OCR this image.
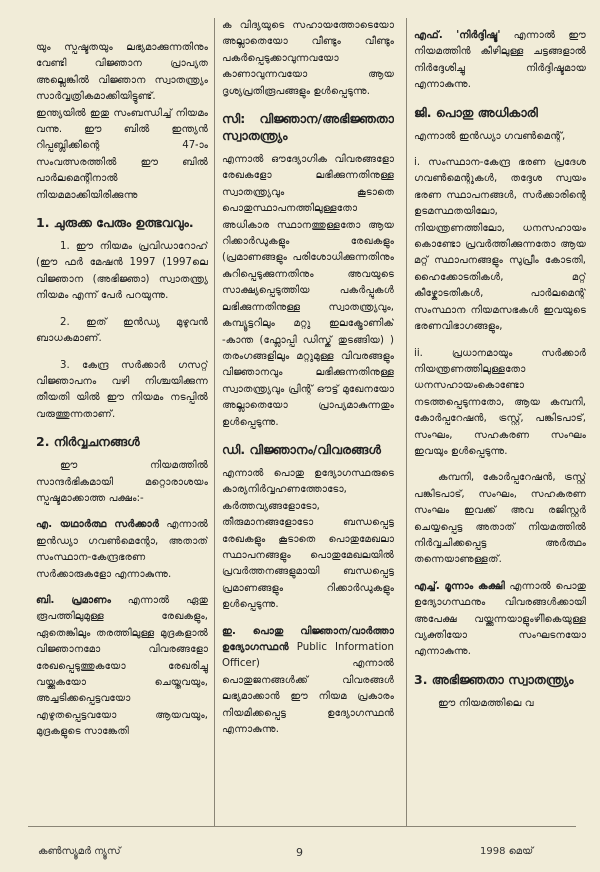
യും സ്പഷ്ടതയും ലഭ്യമാക്കുന്നതിനും വേണ്ടി വിജ്ഞാന പ്രാപ്യത അല്ലെങ്കിൽ വിജ്ഞാന സ്വാതന്ത്ര്യം സാർവ്വത്രികമാക്കിയിട്ടുണ്ട്. ഇന്ത്യയിൽ ഇതു സംബന്ധിച്ച് നിയമം വന്നു. ഈ ബിൽ ഇന്ത്യൻ റിപ്പബ്ലിക്കിന്റെ 47-ാം സംവത്സരത്തിൽ ഈ ബിൽ പാർലമെന്റിനാൽ നിയമമാക്കിയിരിക്കുന്നു

1. ചുരുക്ക പേരും ഉത്ഭവവും.

1. ഈ നിയമം പ്രവിഡാറോഹ് (ഈ ഫർ മേഷൻ 1997 (1997ലെ വിജ്ഞാന (അഭിജ്ഞാ) സ്വാതന്ത്ര്യ നിയമം എന്ന് പേർ പറയുന്നു.

2. ഇത് ഇൻഡ്യ മുഴുവൻ ബാധകമാണ്.

3. കേന്ദ്ര സർക്കാർ ഗസറ്റ് വിജ്ഞാപനം വഴി നിശ്ചയിക്കുന്ന തീയതി യിൽ ഈ നിയമം നടപ്പിൽ വരുത്തുന്നതാണ്.

2. നിർവ്വചനങ്ങൾ

ഈ നിയമത്തിൽ സാന്ദർഭികമായി മറ്റൊരാശയം സ്പഷ്ടമാക്കാത്ത പക്ഷം:-

എ. യഥാർത്ഥ സർക്കാർ എന്നാൽ ഇൻഡ്യാ ഗവൺമെന്റോ, അതാത് സംസ്ഥാന-കേന്ദ്രഭരണ സർക്കാരുകളോ എന്നാകുന്നു.

ബി. പ്രമാണം എന്നാൽ ഏതു രൂപത്തിലുമുള്ള രേഖകളും, ഏതെങ്കിലും തരത്തിലുള്ള മുദ്രകളാൽ വിജ്ഞാനമോ വിവരങ്ങളോ രേഖപ്പെടുത്തുകയോ രേഖരിച്ചു വയ്ക്കുകയോ ചെയ്തവയും, അച്ചടിക്കപ്പെട്ടവയോ എഴുതപ്പെട്ടവയോ ആയവയും, മുദ്രകളുടെ സാങ്കേതി

ക വിദ്യയുടെ സഹായത്തോടെയോ അല്ലാതെയോ വീണ്ടും വീണ്ടും പകർപ്പെടുക്കാവുന്നവയോ കാണാവുന്നവയോ ആയ ദൃശ്യപ്രതിരൂപങ്ങളും ഉൾപ്പെടുന്നു.

സി: വിജ്ഞാന/അഭിജ്ഞതാ സ്വാതന്ത്ര്യം

എന്നാൽ ഔദ്യോഗിക വിവരങ്ങളോ രേഖകളോ ലഭിക്കുന്നതിനുള്ള സ്വാതന്ത്ര്യവും കൂടാതെ പൊതുസ്ഥാപനത്തിലുള്ളതോ അധികാര സ്ഥാനത്തുള്ളതോ ആയ റിക്കാർഡുകളും രേഖകളും (പ്രമാണങ്ങളും പരിശോധിക്കുന്നതിനും കുറിപ്പെടുക്കുന്നതിനും അവയുടെ സാക്ഷ്യപ്പെടുത്തിയ പകർപ്പുകൾ ലഭിക്കുന്നതിനുള്ള സ്വാതന്ത്ര്യവും, കമ്പ്യൂട്ടറിലും മറ്റു ഇലക്ട്രോണിക് -കാന്ത (ഫ്ലോപ്പി ഡിസ്ക് തുടങ്ങിയ) ) തരംഗങ്ങളിലും മറ്റുമുള്ള വിവരങ്ങളും വിജ്ഞാനവും ലഭിക്കുന്നതിനുള്ള സ്വാതന്ത്ര്യവും പ്രിന്റ് ഔട്ട് മുഖേനയോ അല്ലാതെയോ പ്രാപ്യമാകുന്നതും ഉൾപ്പെടുന്നു.

ഡി. വിജ്ഞാനം/വിവരങ്ങൾ

എന്നാൽ പൊതു ഉദ്യോഗസ്ഥരുടെ കാര്യനിർവ്വഹണത്തോടോ, കർത്തവ്യങ്ങളോടോ, തീരുമാനങ്ങളോടോ ബന്ധപ്പെട്ട രേഖകളും കൂടാതെ പൊതുമേഖലാ സ്ഥാപനങ്ങളും പൊതുമേഖലയിൽ പ്രവർത്തനങ്ങളുമായി ബന്ധപ്പെട്ട പ്രമാണങ്ങളും റിക്കാർഡുകളും ഉൾപ്പെടുന്നു.

ഇ. പൊതു വിജ്ഞാന/വാർത്താ ഉദ്യോഗസ്ഥൻ Public Information Officer) എന്നാൽ പൊതുജനങ്ങൾക്ക് വിവരങ്ങൾ ലഭ്യമാക്കാൻ ഈ നിയമ പ്രകാരം നിയമിക്കപ്പെട്ട ഉദ്യോഗസ്ഥൻ എന്നാകുന്നു.

എഫ്. 'നിർദ്ദിഷ്ട' എന്നാൽ ഈ നിയമത്തിൻ കീഴിലുള്ള ചട്ടങ്ങളാൽ നിർദ്ദേശിച്ചു നിർദ്ദിഷ്ടമായ എന്നാകുന്നു.

ജി. പൊതു അധികാരി

എന്നാൽ ഇൻഡ്യാ ഗവൺമെന്റ്,

i. സംസ്ഥാന-കേന്ദ്ര ഭരണ പ്രദേശ ഗവൺമെന്റുകൾ, തദ്ദേശ സ്വയം ഭരണ സ്ഥാപനങ്ങൾ, സർക്കാരിന്റെ ഉടമസ്ഥതയിലോ, നിയന്ത്രണത്തിലോ, ധനസഹായം കൊണ്ടോ പ്രവർത്തിക്കുന്നതോ ആയ മറ്റ് സ്ഥാപനങ്ങളും സുപ്രീം കോടതി, ഹൈക്കോടതികൾ, മറ്റ് കീഴ്കോടതികൾ, പാർലമെന്റ് സംസ്ഥാന നിയമസഭകൾ ഇവയുടെ ഭരണവിഭാഗങ്ങളും,

ii. പ്രധാനമായും സർക്കാർ നിയന്ത്രണത്തിലുള്ളതോ ധനസഹായംകൊണ്ടോ നടത്തപ്പെടുന്നതോ, ആയ കമ്പനി, കോർപ്പറേഷൻ, ട്രസ്റ്റ്, പങ്കിടപാട്, സംഘം, സഹകരണ സംഘം ഇവയും ഉൾപ്പെടുന്നു.

കമ്പനി, കോർപ്പറേഷൻ, ട്രസ്റ്റ് പങ്കിടപാട്, സംഘം, സഹകരണ സംഘം ഇവക്ക് അവ രജിസ്റ്റർ ചെയ്യപ്പെട്ട അതാത് നിയമത്തിൽ നിർവ്വചിക്കപ്പെട്ട അർത്ഥം തന്നെയാണുള്ളത്.

എച്ച്. മൂന്നാം കക്ഷി എന്നാൽ പൊതു ഉദ്യോഗസ്ഥനും വിവരങ്ങൾക്കായി അപേക്ഷ വയ്ക്കുന്നയാളുംഴിികെയുള്ള വ്യക്തിയോ സംഘടനയോ എന്നാകുന്നു.

3. അഭിജ്ഞതാ സ്വാതന്ത്ര്യം

ഈ നിയമത്തിലെ വ

കണ്‍സ്യൂമർ ന്യൂസ്	9	1998 മെയ്
